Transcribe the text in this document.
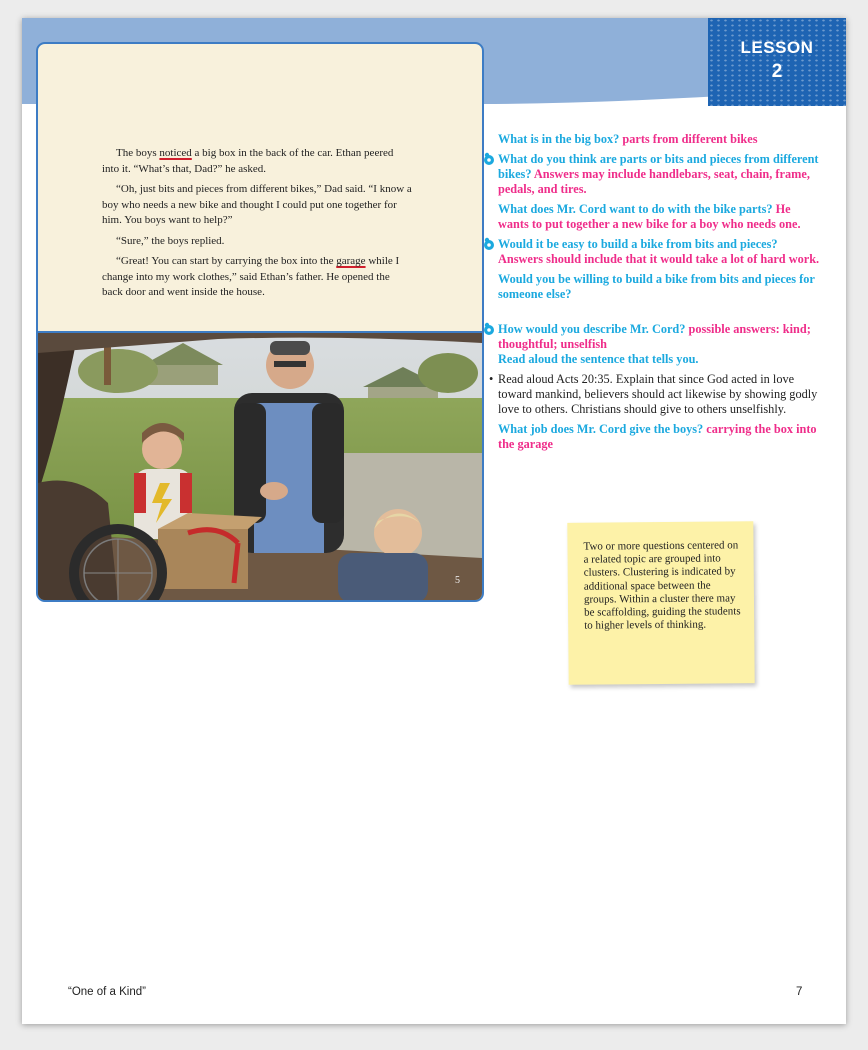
LESSON
2

The boys noticed a big box in the back of the car. Ethan peered into it. “What’s that, Dad?” he asked.

“Oh, just bits and pieces from different bikes,” Dad said. “I know a boy who needs a new bike and thought I could put one together for him. You boys want to help?”

“Sure,” the boys replied.

“Great! You can start by carrying the box into the garage while I change into my work clothes,” said Ethan’s father. He opened the back door and went inside the house.

5

What is in the big box? parts from different bikes

What do you think are parts or bits and pieces from different bikes? Answers may include handlebars, seat, chain, frame, pedals, and tires.

What does Mr. Cord want to do with the bike parts? He wants to put together a new bike for a boy who needs one.

Would it be easy to build a bike from bits and pieces? Answers should include that it would take a lot of hard work.

Would you be willing to build a bike from bits and pieces for someone else?

How would you describe Mr. Cord? possible answers: kind; thoughtful; unselfish
Read aloud the sentence that tells you.

• Read aloud Acts 20:35. Explain that since God acted in love toward mankind, believers should act likewise by showing godly love to others. Christians should give to others unselfishly.

What job does Mr. Cord give the boys? carrying the box into the garage

Two or more questions centered on a related topic are grouped into clusters. Clustering is indicated by additional space between the groups. Within a cluster there may be scaffolding, guiding the students to higher levels of thinking.
“One of a Kind”	7
